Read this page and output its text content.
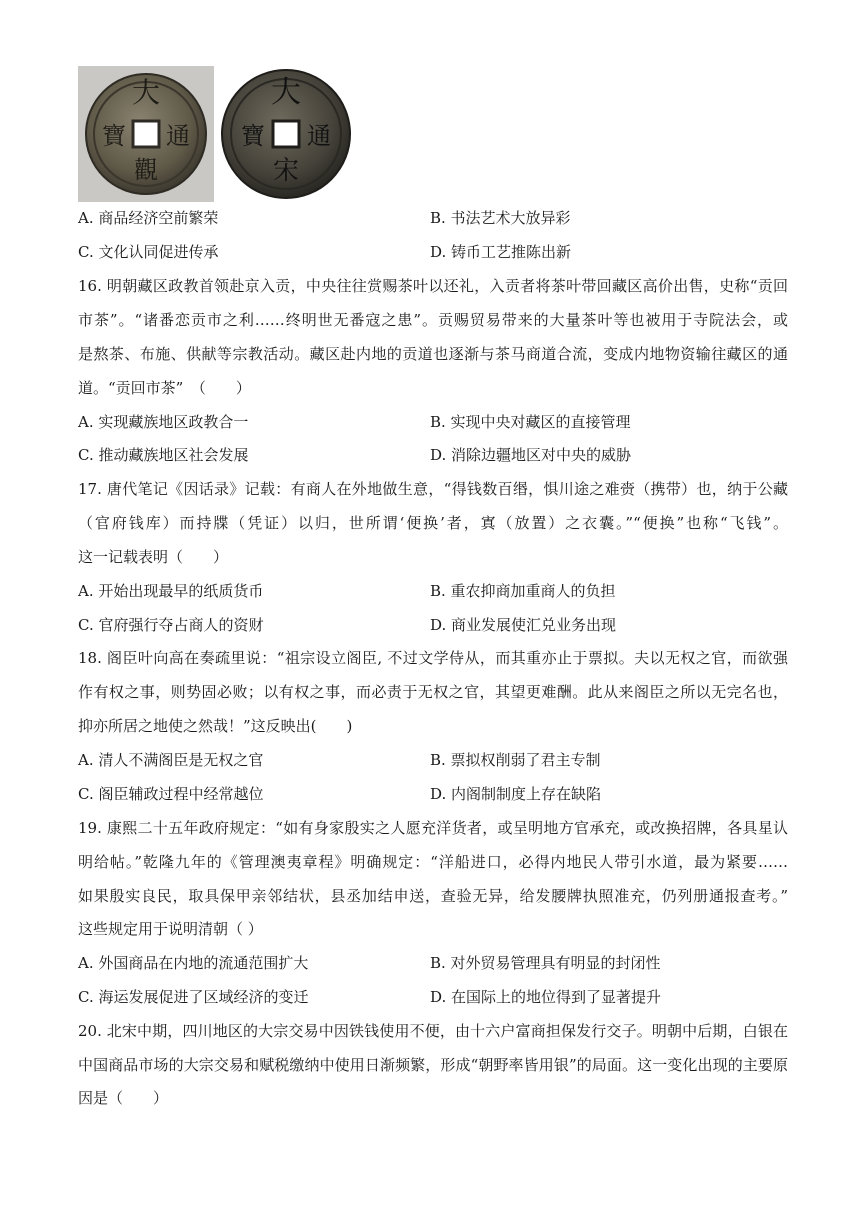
大
通
觀
寶
大
通
宋
寶
A. 商品经济空前繁荣	B. 书法艺术大放异彩
C. 文化认同促进传承	D. 铸币工艺推陈出新
16. 明朝藏区政教首领赴京入贡，中央往往赏赐茶叶以还礼，入贡者将茶叶带回藏区高价出售，史称“贡回
市茶”。“诸番恋贡市之利……终明世无番寇之患”。贡赐贸易带来的大量茶叶等也被用于寺院法会，或
是熬茶、布施、供献等宗教活动。藏区赴内地的贡道也逐渐与茶马商道合流，变成内地物资输往藏区的通
道。“贡回市茶”　（　　）
A. 实现藏族地区政教合一	B. 实现中央对藏区的直接管理
C. 推动藏族地区社会发展	D. 消除边疆地区对中央的威胁
17. 唐代笔记《因话录》记载：有商人在外地做生意，“得钱数百缗，惧川途之难赍（携带）也，纳于公藏
（官府钱库）而持牒（凭证）以归，世所谓‘便换’者，寘（放置）之衣囊。”“便换”也称“飞钱”。
这一记载表明（　　）
A. 开始出现最早的纸质货币	B. 重农抑商加重商人的负担
C. 官府强行夺占商人的资财	D. 商业发展使汇兑业务出现
18. 阁臣叶向高在奏疏里说：“祖宗设立阁臣, 不过文学侍从，而其重亦止于票拟。夫以无权之官，而欲强
作有权之事，则势固必败；以有权之事，而必责于无权之官，其望更难酬。此从来阁臣之所以无完名也，
抑亦所居之地使之然哉！”这反映出(　　)
A. 清人不满阁臣是无权之官	B. 票拟权削弱了君主专制
C. 阁臣辅政过程中经常越位	D. 内阁制制度上存在缺陷
19. 康熙二十五年政府规定：“如有身家殷实之人愿充洋货者，或呈明地方官承充，或改换招牌，各具星认
明给帖。”乾隆九年的《管理澳夷章程》明确规定：“洋船进口，必得内地民人带引水道，最为紧要……
如果殷实良民，取具保甲亲邻结状，县丞加结申送，查验无异，给发腰牌执照准充，仍列册通报查考。”
这些规定用于说明清朝（ ）
A. 外国商品在内地的流通范围扩大	B. 对外贸易管理具有明显的封闭性
C. 海运发展促进了区域经济的变迁	D. 在国际上的地位得到了显著提升
20. 北宋中期，四川地区的大宗交易中因铁钱使用不便，由十六户富商担保发行交子。明朝中后期，白银在
中国商品市场的大宗交易和赋税缴纳中使用日渐频繁，形成“朝野率皆用银”的局面。这一变化出现的主要原
因是（　　）
